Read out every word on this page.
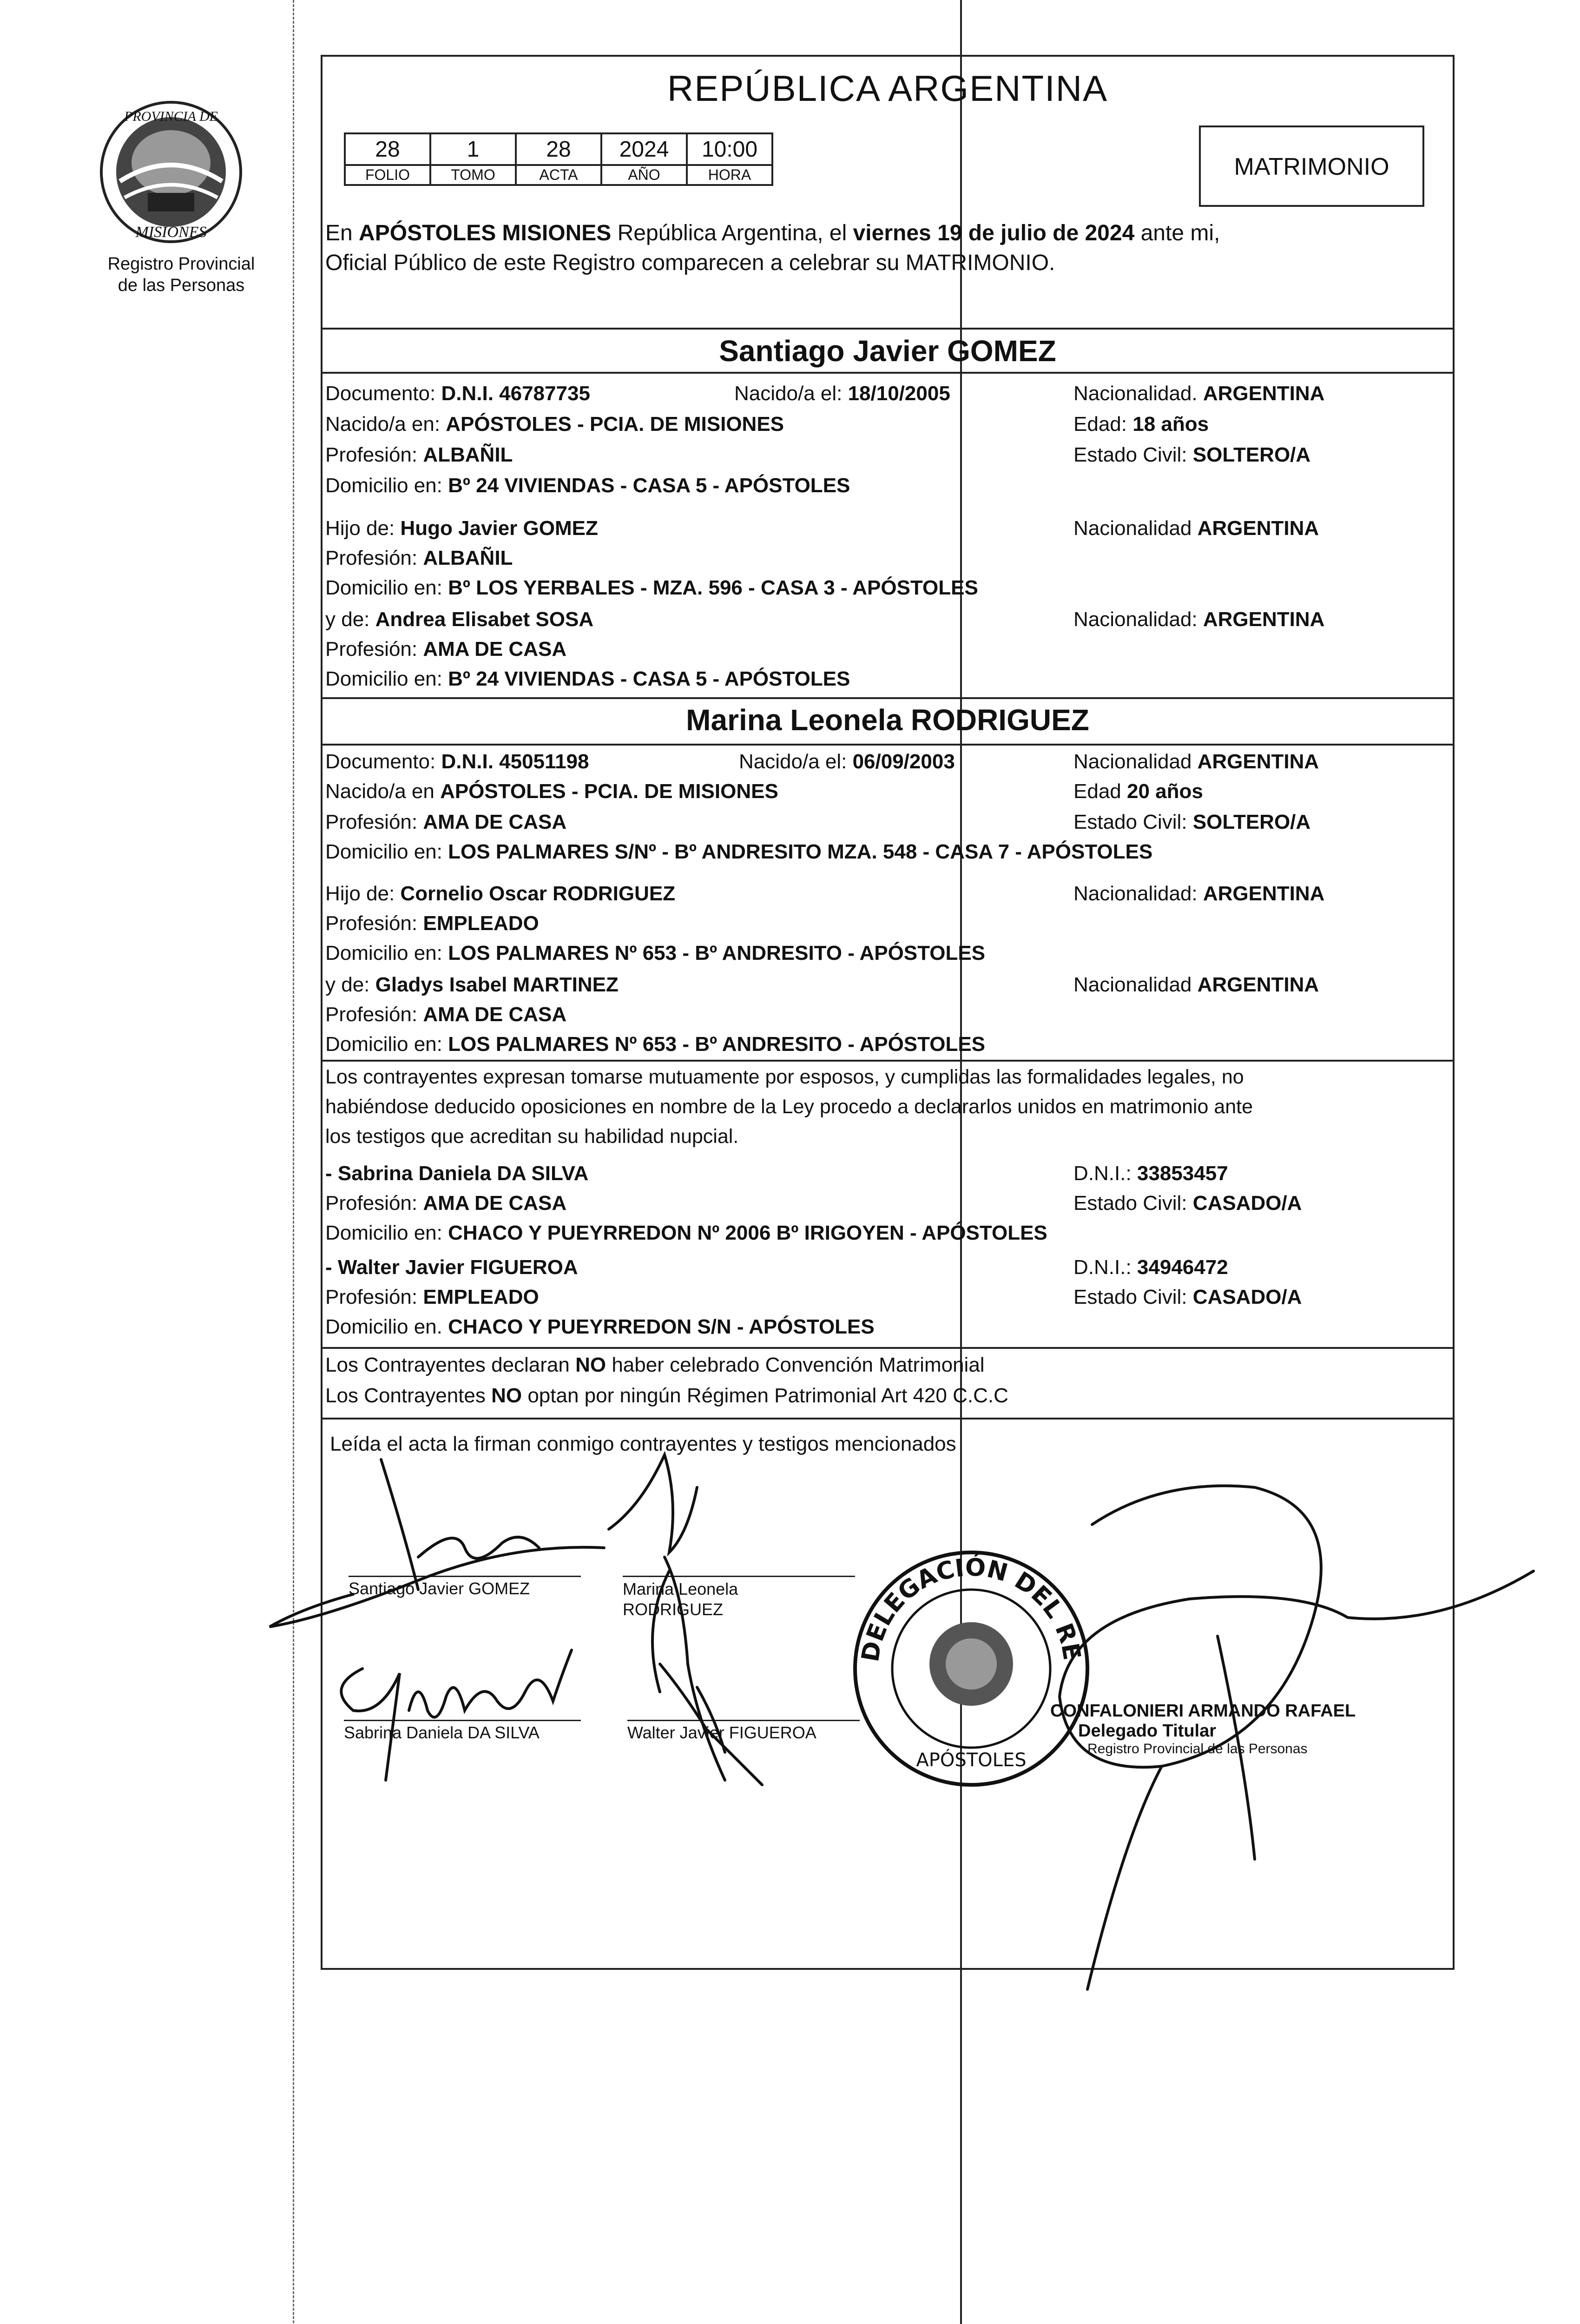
PROVINCIA DE
MISIONES
Registro Provincial
de las Personas
REPÚBLICA ARGENTINA
28	1	28	2024	10:00
FOLIO	TOMO	ACTA	AÑO	HORA	MATRIMONIO
En APÓSTOLES MISIONES República Argentina, el viernes 19 de julio de 2024 ante mi,
Oficial Público de este Registro comparecen a celebrar su MATRIMONIO.
Santiago Javier GOMEZ
Documento: D.N.I. 46787735	Nacido/a el: 18/10/2005	Nacionalidad. ARGENTINA
Nacido/a en: APÓSTOLES - PCIA. DE MISIONES	Edad: 18 años
Profesión: ALBAÑIL	Estado Civil: SOLTERO/A
Domicilio en: Bº 24 VIVIENDAS - CASA 5 - APÓSTOLES
Hijo de: Hugo Javier GOMEZ	Nacionalidad ARGENTINA
Profesión: ALBAÑIL
Domicilio en: Bº LOS YERBALES - MZA. 596 - CASA 3 - APÓSTOLES
y de: Andrea Elisabet SOSA	Nacionalidad: ARGENTINA
Profesión: AMA DE CASA
Domicilio en: Bº 24 VIVIENDAS - CASA 5 - APÓSTOLES
Marina Leonela RODRIGUEZ
Documento: D.N.I. 45051198	Nacido/a el: 06/09/2003	Nacionalidad ARGENTINA
Nacido/a en APÓSTOLES - PCIA. DE MISIONES	Edad 20 años
Profesión: AMA DE CASA	Estado Civil: SOLTERO/A
Domicilio en: LOS PALMARES S/Nº - Bº ANDRESITO MZA. 548 - CASA 7 - APÓSTOLES
Hijo de: Cornelio Oscar RODRIGUEZ	Nacionalidad: ARGENTINA
Profesión: EMPLEADO
Domicilio en: LOS PALMARES Nº 653 - Bº ANDRESITO - APÓSTOLES
y de: Gladys Isabel MARTINEZ	Nacionalidad ARGENTINA
Profesión: AMA DE CASA
Domicilio en: LOS PALMARES Nº 653 - Bº ANDRESITO - APÓSTOLES
Los contrayentes expresan tomarse mutuamente por esposos, y cumplidas las formalidades legales, no
habiéndose deducido oposiciones en nombre de la Ley procedo a declararlos unidos en matrimonio ante
los testigos que acreditan su habilidad nupcial.
- Sabrina Daniela DA SILVA	D.N.I.: 33853457
Profesión: AMA DE CASA	Estado Civil: CASADO/A
Domicilio en: CHACO Y PUEYRREDON Nº 2006 Bº IRIGOYEN - APÓSTOLES
- Walter Javier FIGUEROA	D.N.I.: 34946472
Profesión: EMPLEADO	Estado Civil: CASADO/A
Domicilio en. CHACO Y PUEYRREDON S/N - APÓSTOLES
Los Contrayentes declaran NO haber celebrado Convención Matrimonial
Los Contrayentes NO optan por ningún Régimen Patrimonial Art 420 C.C.C
Leída el acta la firman conmigo contrayentes y testigos mencionados
Santiago Javier GOMEZ	Marina Leonela
RODRIGUEZ
Sabrina Daniela DA SILVA	Walter Javier FIGUEROA
DELEGACIÓN DEL RE
APÓSTOLES
CONFALONIERI ARMANDO RAFAEL
Delegado Titular
Registro Provincial de las Personas
